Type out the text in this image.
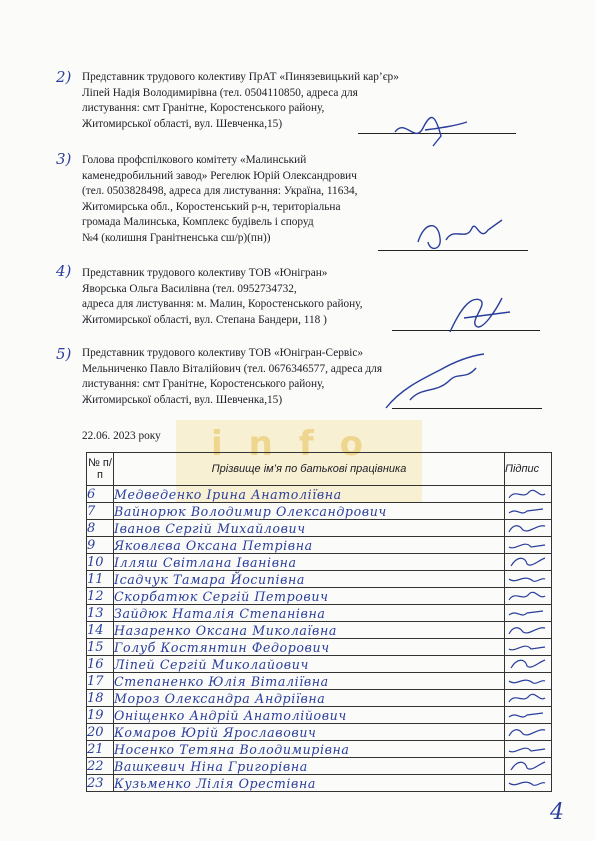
2) Представник трудового колективу ПрАТ «Пинязевицький кар’єр»
Ліпей Надія Володимирівна (тел. 0504110850, адреса для
листування: смт Гранітне, Коростенського району,
Житомирської області, вул. Шевченка,15)
3) Голова профспілкового комітету «Малинський
каменедробильний завод» Регелюк Юрій Олександрович
(тел. 0503828498, адреса для листування: Україна, 11634,
Житомирська обл., Коростенський р-н, територіальна
громада Малинська, Комплекс будівель і споруд
№4 (колишня Гранітненська сш/р)(пн))
4) Представник трудового колективу ТОВ «Юнігран»
Яворська Ольга Василівна (тел. 0952734732,
адреса для листування: м. Малин, Коростенського району,
Житомирської області, вул. Степана Бандери, 118 )
5) Представник трудового колективу ТОВ «Юнігран-Сервіс»
Мельниченко Павло Віталійович (тел. 0676346577, адреса для
листування: смт Гранітне, Коростенського району,
Житомирської області, вул. Шевченка,15)
info
22.06. 2023 року
№ п/п	Прізвище ім’я по батькові працівника	Підпис
6	Медведенко Ірина Анатоліївна	

7	Вайнорюк Володимир Олександрович	

8	Іванов Сергій Михайлович	

9	Яковлєва Оксана Петрівна	

10	Ілляш Світлана Іванівна	

11	Ісадчук Тамара Йосипівна	

12	Скорбатюк Сергій Петрович	

13	Зайдюк Наталія Степанівна	

14	Назаренко Оксана Миколаївна	

15	Голуб Костянтин Федорович	

16	Ліпей Сергій Миколайович	

17	Степаненко Юлія Віталіївна	

18	Мороз Олександра Андріївна	

19	Оніщенко Андрій Анатолійович	

20	Комаров Юрій Ярославович	

21	Носенко Тетяна Володимирівна	

22	Вашкевич Ніна Григорівна	

23	Кузьменко Лілія Орестівна	
4
